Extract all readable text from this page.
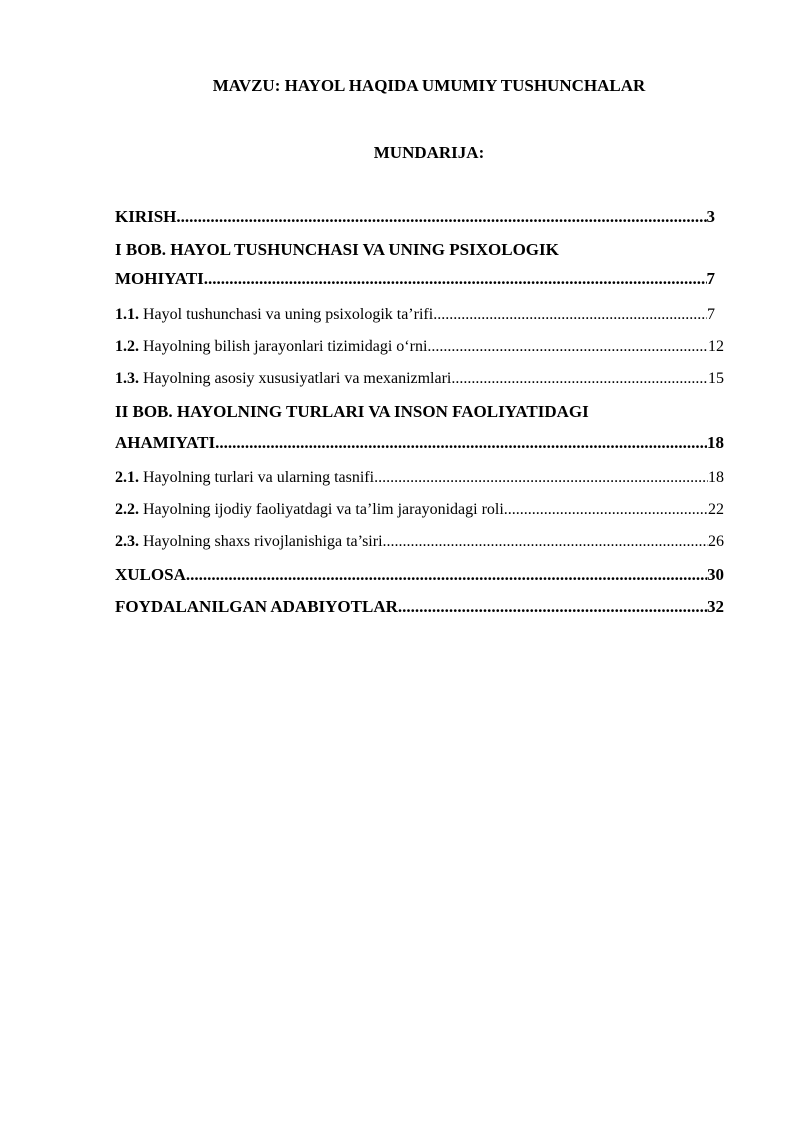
MAVZU: HAYOL HAQIDA UMUMIY TUSHUNCHALAR
MUNDARIJA:
KIRISH .....	3
I BOB. HAYOL TUSHUNCHASI VA UNING PSIXOLOGIK
MOHIYATI .....	7
1.1. Hayol tushunchasi va uning psixologik ta’rifi .....	7
1.2. Hayolning bilish jarayonlari tizimidagi o‘rni .....	12
1.3. Hayolning asosiy xususiyatlari va mexanizmlari .....	15
II BOB. HAYOLNING TURLARI VA INSON FAOLIYATIDAGI
AHAMIYATI .....	18
2.1. Hayolning turlari va ularning tasnifi .....	18
2.2. Hayolning ijodiy faoliyatdagi va ta’lim jarayonidagi roli .....	22
2.3. Hayolning shaxs rivojlanishiga ta’siri .....	26
XULOSA .....	30
FOYDALANILGAN ADABIYOTLAR .....	32
